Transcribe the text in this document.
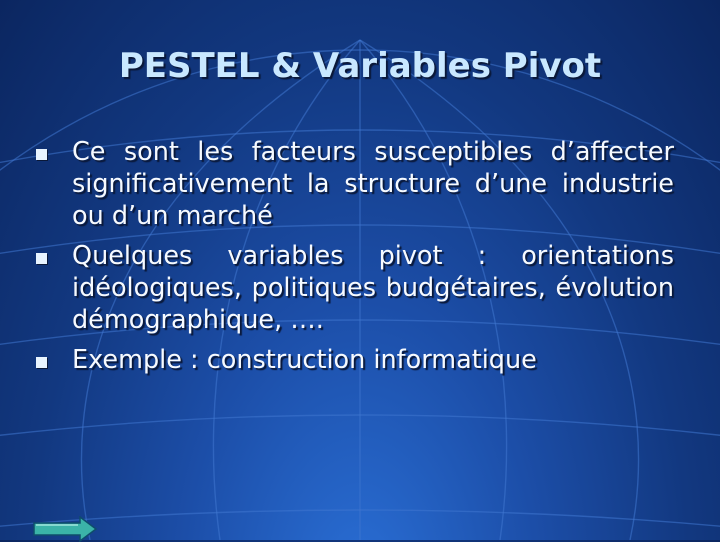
PESTEL & Variables Pivot
Ce sont les facteurs susceptibles d’affecter significativement la structure d’une industrie ou d’un marché
Quelques variables pivot : orientations idéologiques, politiques budgétaires, évolution démographique, ….
Exemple : construction informatique
